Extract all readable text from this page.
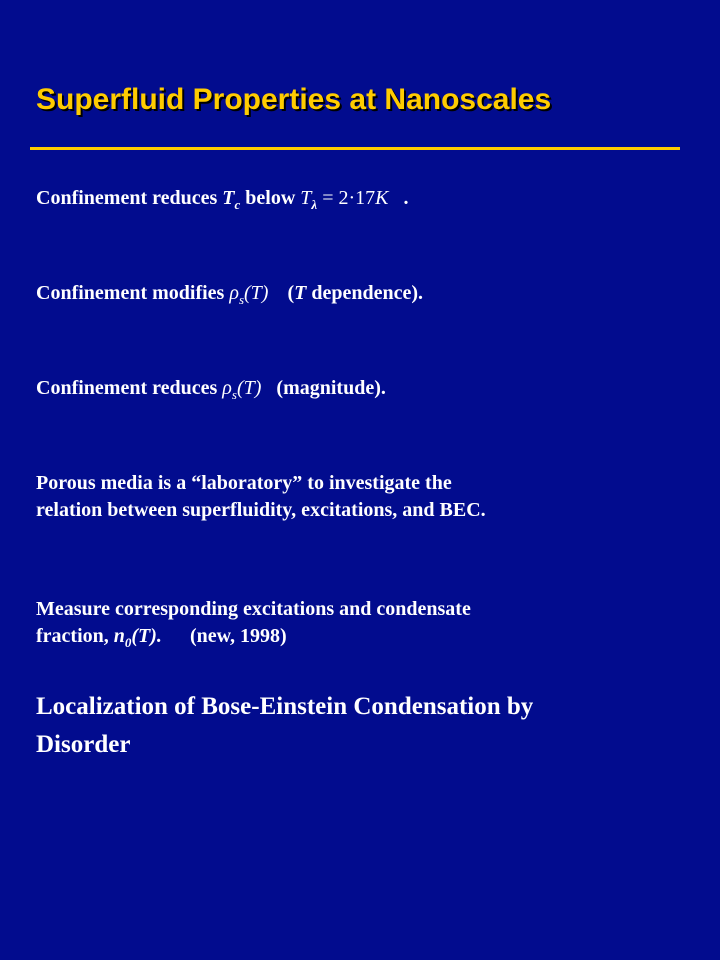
Superfluid Properties at Nanoscales
Confinement reduces $T_c$ below $T_\lambda = 2\cdot 17K$ .
Confinement modifies $\rho_s(T)$ (T dependence).
Confinement reduces $\rho_s(T)$ (magnitude).
Porous media is a “laboratory” to investigate the
relation between superfluidity, excitations, and BEC.
Measure corresponding excitations and condensate
fraction, $n_0(T)$. (new, 1998)
Localization of Bose-Einstein Condensation by
Disorder
